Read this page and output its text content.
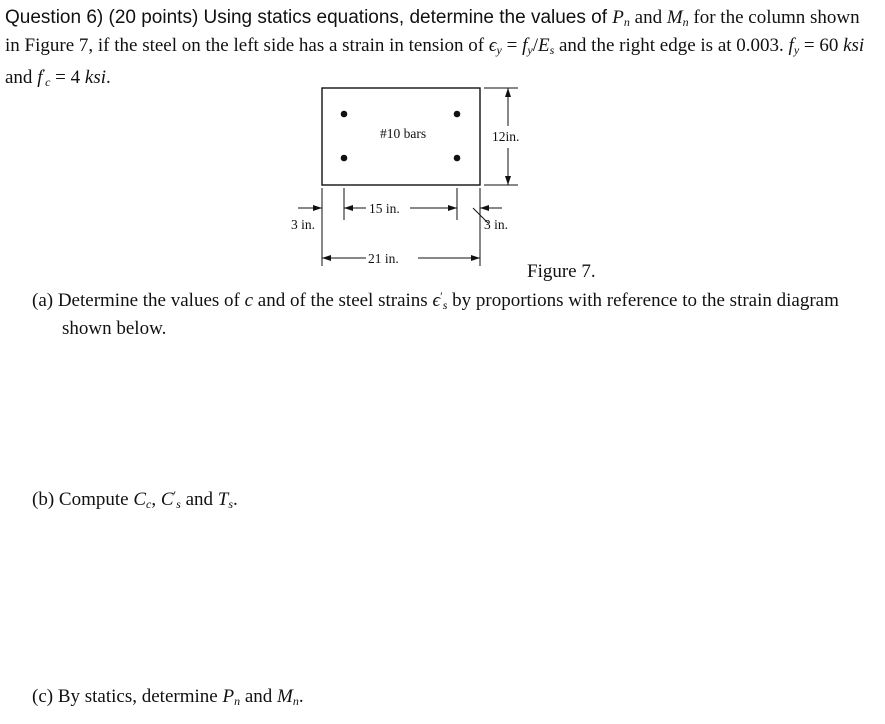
Question 6) (20 points) Using statics equations, determine the values of $P_n$ and $M_n$ for the column shown in Figure 7, if the steel on the left side has a strain in tension of $\epsilon_y = f_y/E_s$ and the right edge is at 0.003. $f_y = 60$ ksi and $f'_c = 4$ ksi.

#10 bars	12in.
15 in.
3 in.	3 in.
21 in.

Figure 7.

(a) Determine the values of c and of the steel strains $\epsilon'_s$ by proportions with reference to the strain diagram
shown below.

(b) Compute $C_c$, $C'_s$ and $T_s$.

(c) By statics, determine $P_n$ and $M_n$.
